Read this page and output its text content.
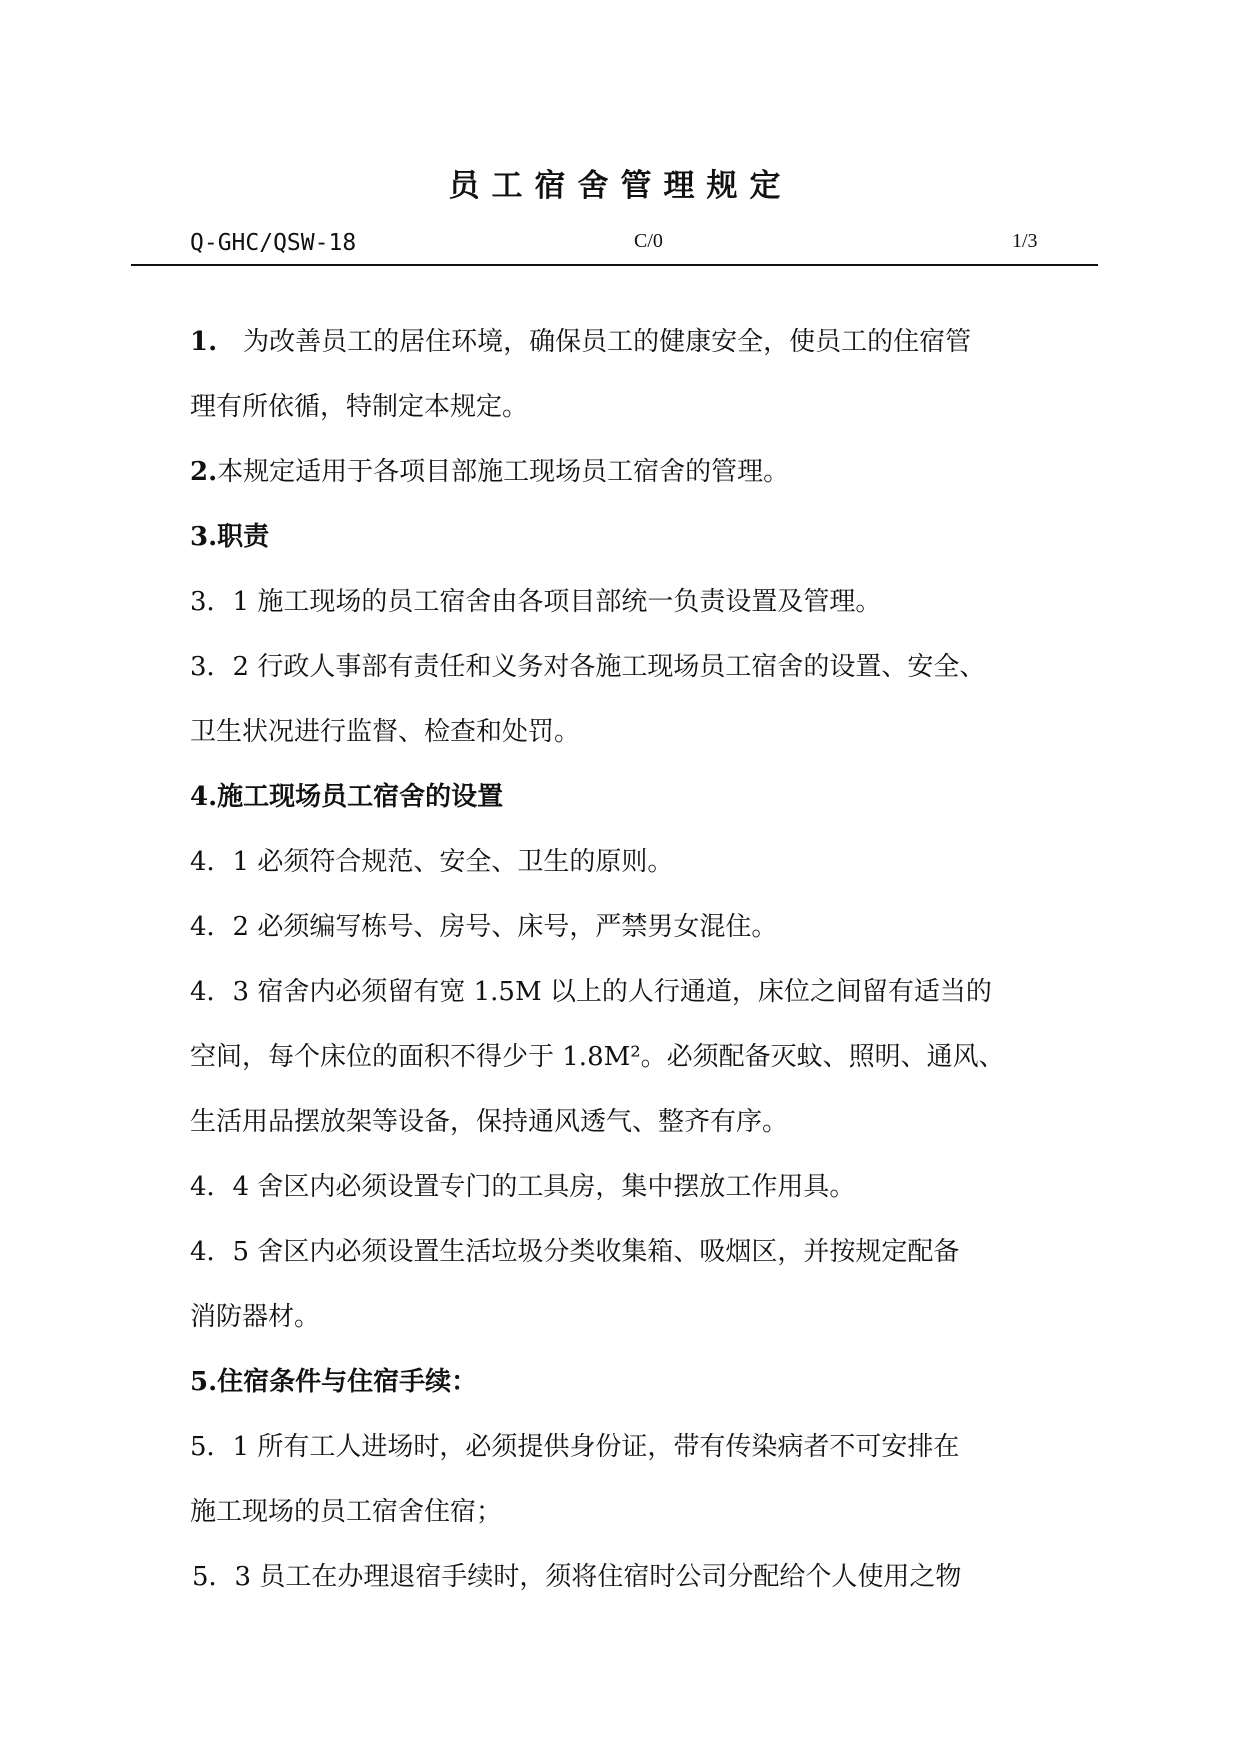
员工宿舍管理规定
Q-GHC/QSW-18	C/0	1/3

1.　为改善员工的居住环境，确保员工的健康安全，使员工的住宿管

理有所依循，特制定本规定。

2.本规定适用于各项目部施工现场员工宿舍的管理。

3.职责

3．1 施工现场的员工宿舍由各项目部统一负责设置及管理。

3．2 行政人事部有责任和义务对各施工现场员工宿舍的设置、安全、

卫生状况进行监督、检查和处罚。

4.施工现场员工宿舍的设置

4．1 必须符合规范、安全、卫生的原则。

4．2 必须编写栋号、房号、床号，严禁男女混住。

4．3 宿舍内必须留有宽 1.5M 以上的人行通道，床位之间留有适当的

空间，每个床位的面积不得少于 1.8M²。必须配备灭蚊、照明、通风、

生活用品摆放架等设备，保持通风透气、整齐有序。

4．4 舍区内必须设置专门的工具房，集中摆放工作用具。

4．5 舍区内必须设置生活垃圾分类收集箱、吸烟区，并按规定配备

消防器材。

5.住宿条件与住宿手续：

5．1 所有工人进场时，必须提供身份证，带有传染病者不可安排在

施工现场的员工宿舍住宿；

5．3 员工在办理退宿手续时，须将住宿时公司分配给个人使用之物
